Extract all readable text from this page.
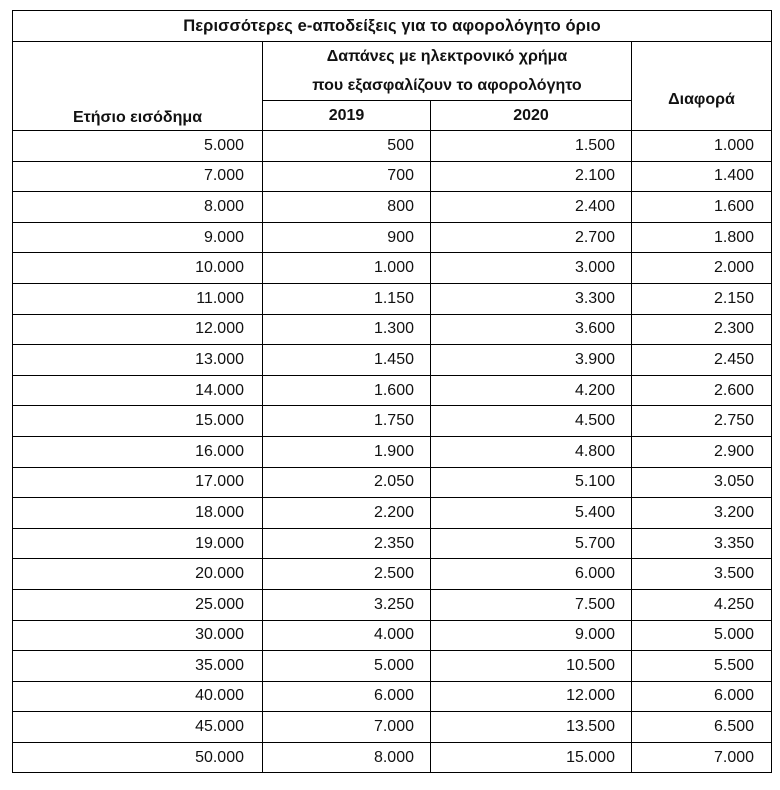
Περισσότερες e-αποδείξεις για το αφορολόγητο όριο			
Ετήσιο εισόδημα	Δαπάνες με ηλεκτρονικό χρήμα
που εξασφαλίζουν το αφορολόγητο		Διαφορά
	2019	2020	
5.000	500	1.500	1.000
7.000	700	2.100	1.400
8.000	800	2.400	1.600
9.000	900	2.700	1.800
10.000	1.000	3.000	2.000
11.000	1.150	3.300	2.150
12.000	1.300	3.600	2.300
13.000	1.450	3.900	2.450
14.000	1.600	4.200	2.600
15.000	1.750	4.500	2.750
16.000	1.900	4.800	2.900
17.000	2.050	5.100	3.050
18.000	2.200	5.400	3.200
19.000	2.350	5.700	3.350
20.000	2.500	6.000	3.500
25.000	3.250	7.500	4.250
30.000	4.000	9.000	5.000
35.000	5.000	10.500	5.500
40.000	6.000	12.000	6.000
45.000	7.000	13.500	6.500
50.000	8.000	15.000	7.000
